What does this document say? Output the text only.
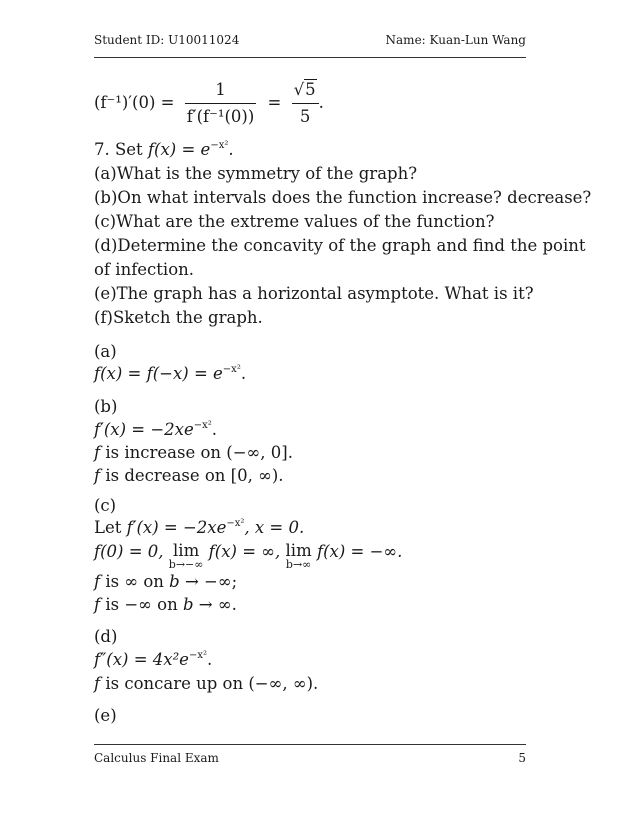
Student ID: U10011024	Name: Kuan-Lun Wang
$(f^{-1})'(0) = \frac{1}{\text{f′(f⁻¹(0))}} = \frac{√5}{5}$ .
7. Set $f(x) = e^{-x^2}$.
(a)What is the symmetry of the graph?
(b)On what intervals does the function increase? decrease?
(c)What are the extreme values of the function?
(d)Determine the concavity of the graph and find the point
of infection.
(e)The graph has a horizontal asymptote. What is it?
(f)Sketch the graph.
(a)
$f(x) = f(-x) = e^{-x^2}$.
(b)
$f'(x) = -2xe^{-x^2}$.
f is increase on (−∞, 0].
f is decrease on [0, ∞).
(c)
Let $f'(x) = -2xe^{-x^2}$, x = 0.
f(0) = 0, lim
b→−∞
f(x) = ∞, lim
b→∞
f(x) = −∞.
f is ∞ on b → −∞;
f is −∞ on b → ∞.
(d)
$f''(x) = 4x^2e^{-x^2}$.
f is concare up on (−∞, ∞).
(e)
Calculus Final Exam	5
